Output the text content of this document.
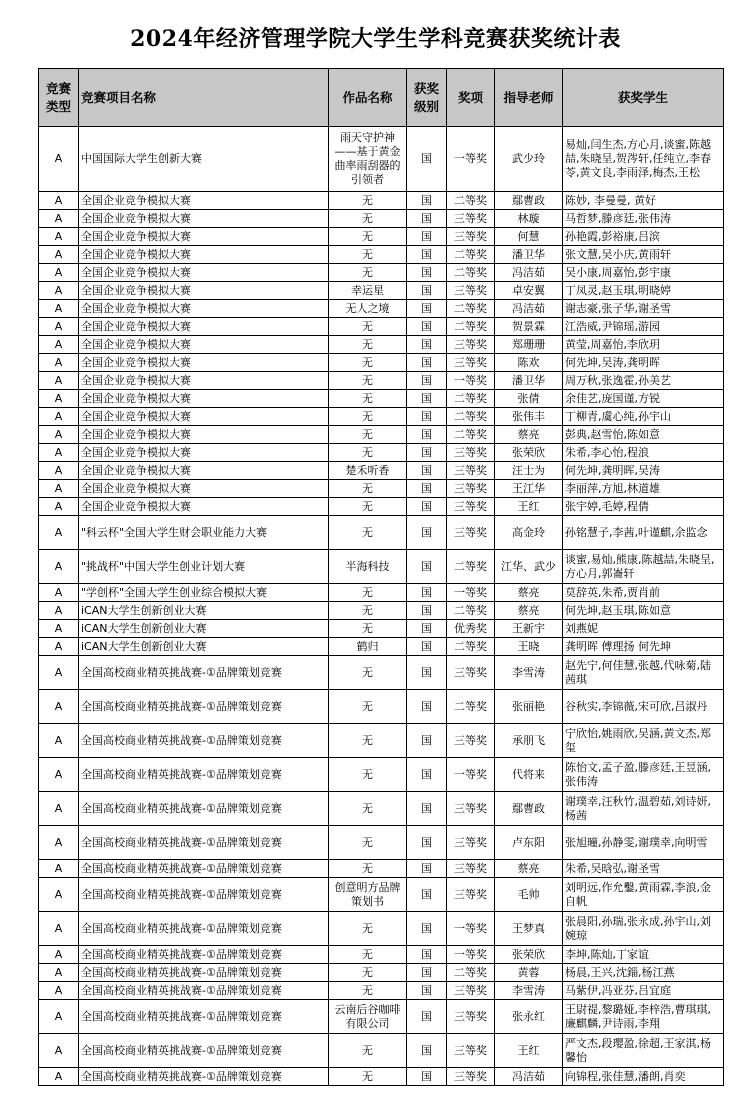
2024年经济管理学院大学生学科竞赛获奖统计表
竞赛类型	竞赛项目名称	作品名称	获奖级别	奖项	指导老师	获奖学生
A	中国国际大学生创新大赛	雨天守护神——基于黄金曲率雨刮器的引领者	国	一等奖	武少玲	易灿,闫生杰,方心月,谈蜜,陈越喆,朱晓呈,贺涔轩,任纯立,李春苓,黄文良,李雨泽,梅杰,王松
A	全国企业竞争模拟大赛	无	国	二等奖	鄢曹政	陈妙, 李曼曼, 黄好
A	全国企业竞争模拟大赛	无	国	三等奖	林璇	马哲梦,滕彦廷,张伟涛
A	全国企业竞争模拟大赛	无	国	三等奖	何慧	孙艳霞,彭裕康,吕滨
A	全国企业竞争模拟大赛	无	国	二等奖	潘卫华	张文慧,吴小庆,黄雨轩
A	全国企业竞争模拟大赛	无	国	二等奖	冯洁茹	吴小康,周嘉怡,彭宇康
A	全国企业竞争模拟大赛	幸运星	国	三等奖	卓安翼	丁凤灵,赵玉琪,明晓婷
A	全国企业竞争模拟大赛	无人之境	国	二等奖	冯洁茹	谢志豪,张子华,谢圣雪
A	全国企业竞争模拟大赛	无	国	二等奖	贺景霖	江浩威,尹锦瑶,游园
A	全国企业竞争模拟大赛	无	国	三等奖	郑珊珊	黄莹,周嘉怡,李欣玥
A	全国企业竞争模拟大赛	无	国	三等奖	陈欢	何先坤,吴涛,龚明晖
A	全国企业竞争模拟大赛	无	国	一等奖	潘卫华	周万秋,张逸霍,孙美艺
A	全国企业竞争模拟大赛	无	国	二等奖	张倩	余佳艺,庞国谨,方锐
A	全国企业竞争模拟大赛	无	国	二等奖	张伟丰	丁柳青,虞心纯,孙宇山
A	全国企业竞争模拟大赛	无	国	二等奖	蔡亮	彭典,赵雪怡,陈如意
A	全国企业竞争模拟大赛	无	国	三等奖	张荣欣	朱希,李心怡,程浪
A	全国企业竞争模拟大赛	楚禾听香	国	三等奖	汪士为	何先坤,龚明晖,吴涛
A	全国企业竞争模拟大赛	无	国	三等奖	王江华	李丽萍,方旭,林道雄
A	全国企业竞争模拟大赛	无	国	三等奖	王红	张宇婷,毛婷,程倩
A	"科云杯"全国大学生财会职业能力大赛	无	国	三等奖	高金玲	孙铭慧子,李茜,叶谨麒,余监念
A	"挑战杯"中国大学生创业计划大赛	半海科技	国	二等奖	江华、武少	谈蜜,易灿,熊康,陈越喆,朱晓呈,方心月,郭崙轩
A	"学创杯"全国大学生创业综合模拟大赛	无	国	一等奖	蔡亮	莫辞英,朱希,贾肖前
A	iCAN大学生创新创业大赛	无	国	二等奖	蔡亮	何先坤,赵玉琪,陈如意
A	iCAN大学生创新创业大赛	无	国	优秀奖	王新宇	刘燕妮
A	iCAN大学生创新创业大赛	鹤归	国	二等奖	王晓	龚明晖 傅理扬 何先坤
A	全国高校商业精英挑战赛-①品牌策划竞赛	无	国	三等奖	李雪涛	赵先宁,何佳慧,张越,代咏菊,陆茜琪
A	全国高校商业精英挑战赛-①品牌策划竞赛	无	国	二等奖	张丽艳	谷秋实,李锦薇,宋可欣,吕淑丹
A	全国高校商业精英挑战赛-①品牌策划竞赛	无	国	三等奖	承朋飞	宁欣怡,姚雨欣,吴涵,黄文杰,郑玺
A	全国高校商业精英挑战赛-①品牌策划竞赛	无	国	一等奖	代将来	陈怡文,孟子盈,滕彦廷,王昱涵,张伟涛
A	全国高校商业精英挑战赛-①品牌策划竞赛	无	国	三等奖	鄢曹政	谢璞幸,汪秋竹,温碧茹,刘诗妍,杨茜
A	全国高校商业精英挑战赛-①品牌策划竞赛	无	国	三等奖	卢东阳	张旭曈,孙静雯,谢璞幸,向明雪
A	全国高校商业精英挑战赛-①品牌策划竞赛	无	国	三等奖	蔡亮	朱希,吴晗弘,谢圣雪
A	全国高校商业精英挑战赛-①品牌策划竞赛	创意明方品牌策划书	国	三等奖	毛帅	刘明远,作允鑿,黄雨霖,李浪,金自帆
A	全国高校商业精英挑战赛-①品牌策划竞赛	无	国	一等奖	王梦真	张晨阳,孙瑞,张永成,孙宇山,刘婉琼
A	全国高校商业精英挑战赛-①品牌策划竞赛	无	国	一等奖	张荣欣	李坤,陈灿,丁家谊
A	全国高校商业精英挑战赛-①品牌策划竞赛	无	国	二等奖	黄蓉	杨晨,王兴,沈錙,杨江燕
A	全国高校商业精英挑战赛-①品牌策划竞赛	无	国	三等奖	李雪涛	马紫伊,冯亚芬,吕宜庭
A	全国高校商业精英挑战赛-①品牌策划竞赛	云南后谷咖啡有限公司	国	三等奖	张永红	王尉禔,黎璐娅,李梓浩,曹琪琪,廉麒麟,尹诗雨,李翔
A	全国高校商业精英挑战赛-①品牌策划竞赛	无	国	三等奖	王红	严文杰,段璎盈,徐超,王家淇,杨馨怡
A	全国高校商业精英挑战赛-①品牌策划竞赛	无	国	三等奖	冯洁茹	向锦程,张佳慧,潘朗,肖奕
